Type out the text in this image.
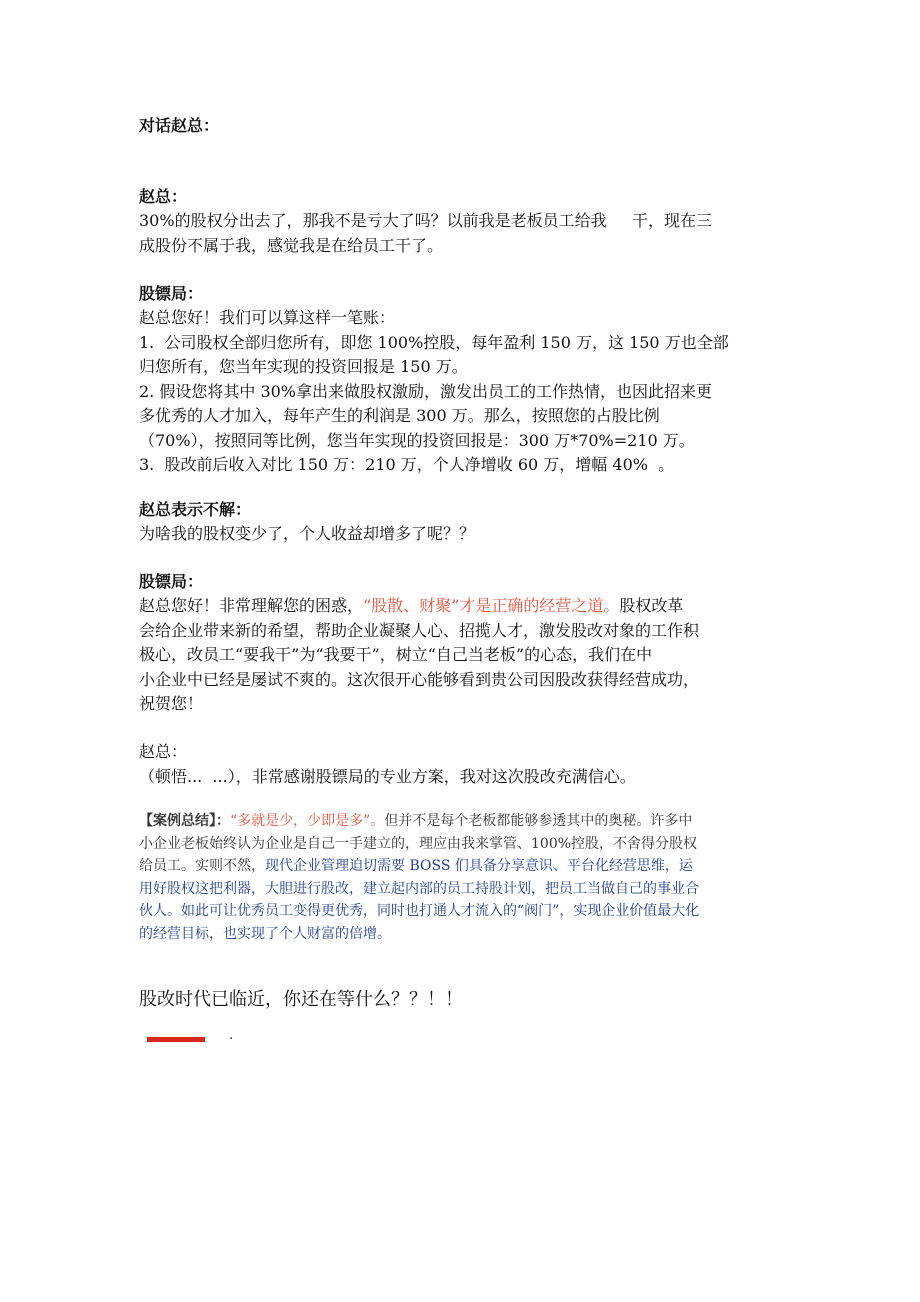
对话赵总：
赵总：
30%的股权分出去了，那我不是亏大了吗？以前我是老板员工给我     干，现在三
成股份不属于我，感觉我是在给员工干了。
股镖局：
赵总您好！我们可以算这样一笔账：
1.  公司股权全部归您所有，即您 100%控股，每年盈利 150 万，这 150 万也全部
归您所有，您当年实现的投资回报是 150 万。
2. 假设您将其中 30%拿出来做股权激励，激发出员工的工作热情，也因此招来更
多优秀的人才加入，每年产生的利润是 300 万。那么，按照您的占股比例
（70%），按照同等比例，您当年实现的投资回报是：300 万*70%=210 万。
3.  股改前后收入对比 150 万：210 万，个人净增收 60 万，增幅 40%  。
赵总表示不解：
为啥我的股权变少了，个人收益却增多了呢？？
股镖局：
赵总您好！非常理解您的困惑，“股散、财聚”才是正确的经营之道。股权改革
会给企业带来新的希望，帮助企业凝聚人心、招揽人才，激发股改对象的工作积
极心，改员工“要我干”为“我要干”，树立“自己当老板”的心态，我们在中
小企业中已经是屡试不爽的。这次很开心能够看到贵公司因股改获得经营成功，
祝贺您！
赵总：
（顿悟...  ...），非常感谢股镖局的专业方案，我对这次股改充满信心。
【案例总结】：“多就是少，少即是多”。但并不是每个老板都能够参透其中的奥秘。许多中
小企业老板始终认为企业是自己一手建立的，理应由我来掌管、100%控股，不舍得分股权
给员工。实则不然，现代企业管理迫切需要 BOSS 们具备分享意识、平台化经营思维，运
用好股权这把利器，大胆进行股改，建立起内部的员工持股计划，把员工当做自己的事业合
伙人。如此可让优秀员工变得更优秀，同时也打通人才流入的“阀门”，实现企业价值最大化
的经营目标，也实现了个人财富的倍增。
股改时代已临近，你还在等什么？？！！
.
